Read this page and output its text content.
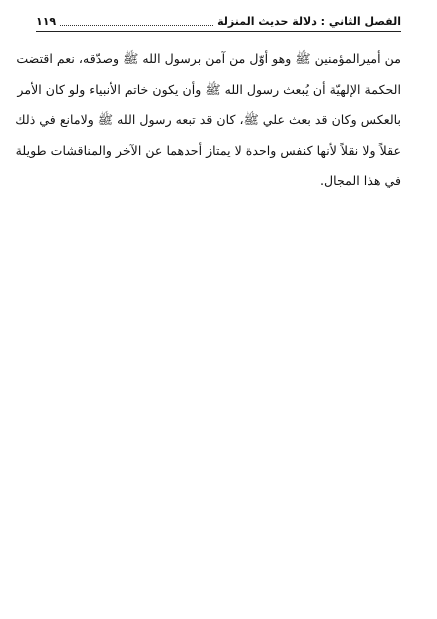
الفصل الثاني : دلالة حديث المنزلة
١١٩
من أميرالمؤمنين ﷺ وهو أوّل من آمن برسول الله ﷺ وصدّقه، نعم اقتضت
الحكمة الإلهيّة أن يُبعث رسول الله ﷺ وأن يكون خاتم الأنبياء ولو كان الأمر
بالعكس وكان قد بعث علي ﷺ، كان قد تبعه رسول الله ﷺ ولامانع في ذلك
عقلاً ولا نقلاً لأنها كنفس واحدة لا يمتاز أحدهما عن الآخر والمناقشات طويلة
في هذا المجال.
